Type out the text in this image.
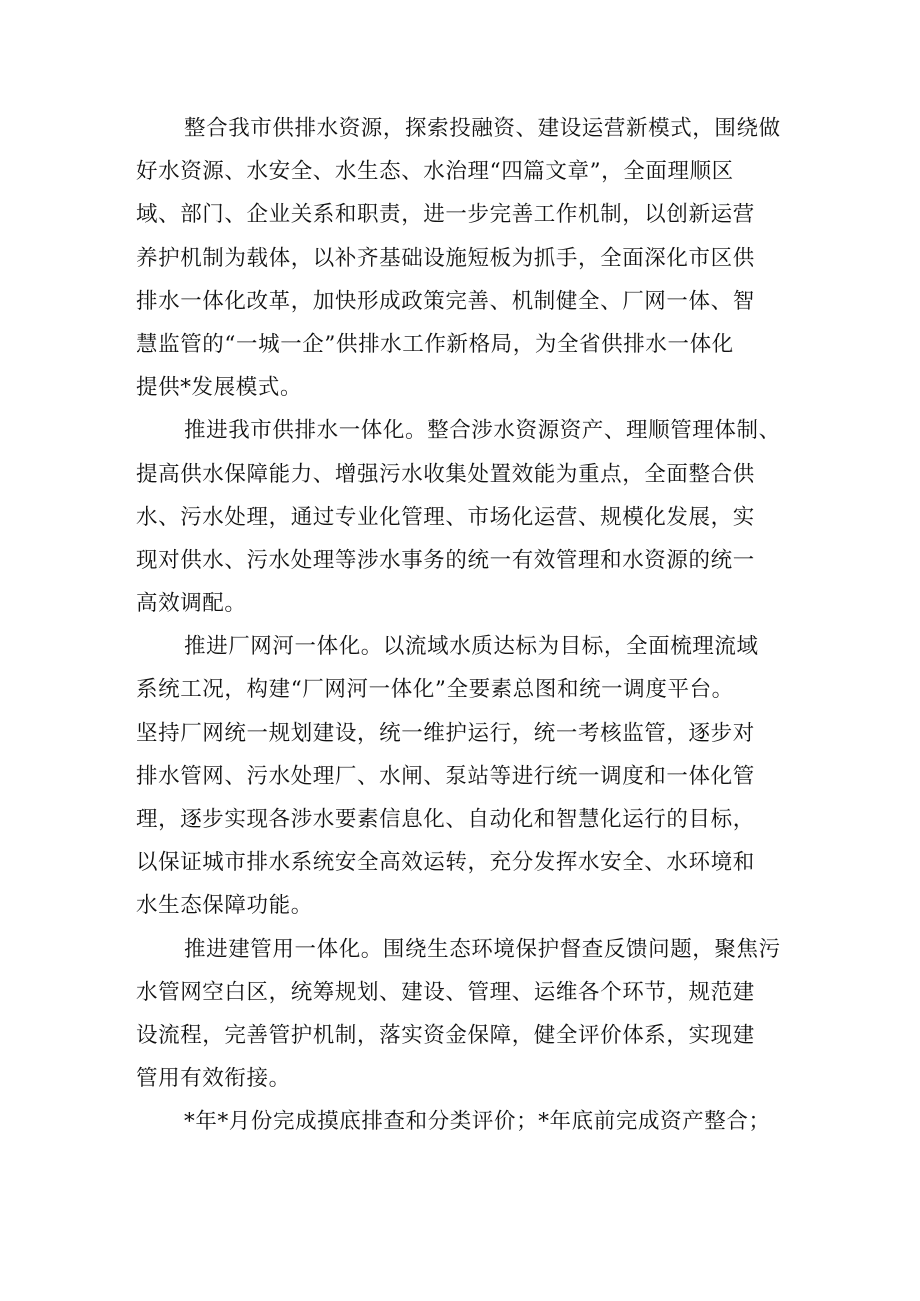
整合我市供排水资源，探索投融资、建设运营新模式，围绕做
好水资源、水安全、水生态、水治理“四篇文章”，全面理顺区
域、部门、企业关系和职责，进一步完善工作机制，以创新运营
养护机制为载体，以补齐基础设施短板为抓手，全面深化市区供
排水一体化改革，加快形成政策完善、机制健全、厂网一体、智
慧监管的“一城一企”供排水工作新格局，为全省供排水一体化
提供*发展模式。
推进我市供排水一体化。整合涉水资源资产、理顺管理体制、
提高供水保障能力、增强污水收集处置效能为重点，全面整合供
水、污水处理，通过专业化管理、市场化运营、规模化发展，实
现对供水、污水处理等涉水事务的统一有效管理和水资源的统一
高效调配。
推进厂网河一体化。以流域水质达标为目标，全面梳理流域
系统工况，构建“厂网河一体化”全要素总图和统一调度平台。
坚持厂网统一规划建设，统一维护运行，统一考核监管，逐步对
排水管网、污水处理厂、水闸、泵站等进行统一调度和一体化管
理，逐步实现各涉水要素信息化、自动化和智慧化运行的目标，
以保证城市排水系统安全高效运转，充分发挥水安全、水环境和
水生态保障功能。
推进建管用一体化。围绕生态环境保护督查反馈问题，聚焦污
水管网空白区，统筹规划、建设、管理、运维各个环节，规范建
设流程，完善管护机制，落实资金保障，健全评价体系，实现建
管用有效衔接。
*年*月份完成摸底排查和分类评价；*年底前完成资产整合；
